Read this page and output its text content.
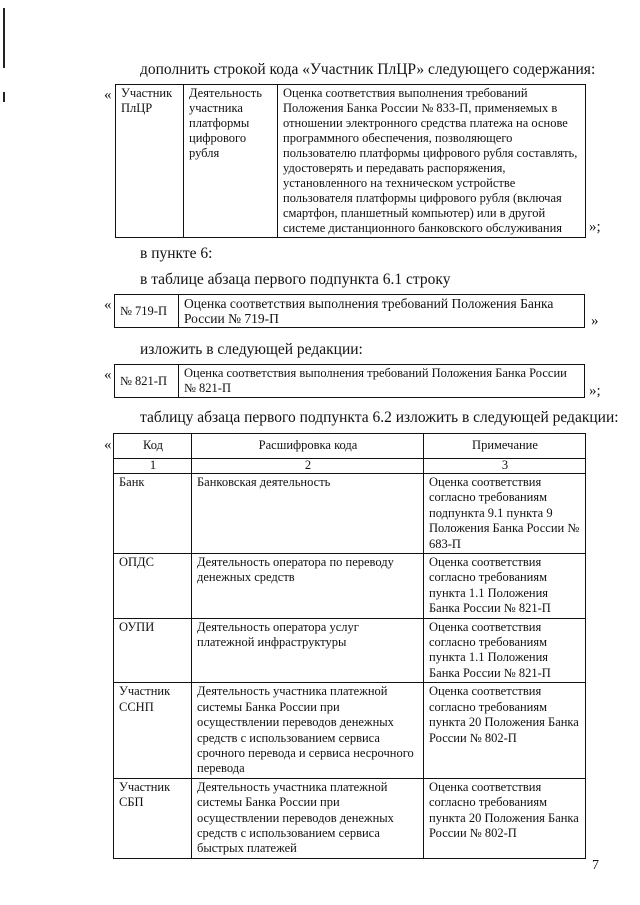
дополнить строкой кода «Участник ПлЦР» следующего содержания:
« Участник ПлЦР	Деятельность участника платформы цифрового рубля	Оценка соответствия выполнения требований Положения Банка России № 833-П, применяемых в отношении электронного средства платежа на основе программного обеспечения, позволяющего пользователю платформы цифрового рубля составлять, удостоверять и передавать распоряжения, установленного на техническом устройстве пользователя платформы цифрового рубля (включая смартфон, планшетный компьютер) или в другой системе дистанционного банковского обслуживания »;
в пункте 6:
в таблице абзаца первого подпункта 6.1 строку
« № 719-П	Оценка соответствия выполнения требований Положения Банка России № 719-П	»
изложить в следующей редакции:
« № 821-П	Оценка соответствия выполнения требований Положения Банка России № 821-П	»;
таблицу абзаца первого подпункта 6.2 изложить в следующей редакции:
«	Код	Расшифровка кода	Примечание
1	2	3
Банк	Банковская деятельность	Оценка соответствия согласно требованиям подпункта 9.1 пункта 9 Положения Банка России № 683-П
ОПДС	Деятельность оператора по переводу денежных средств	Оценка соответствия согласно требованиям пункта 1.1 Положения Банка России № 821-П
ОУПИ	Деятельность оператора услуг платежной инфраструктуры	Оценка соответствия согласно требованиям пункта 1.1 Положения Банка России № 821-П
Участник ССНП	Деятельность участника платежной системы Банка России при осуществлении переводов денежных средств с использованием сервиса срочного перевода и сервиса несрочного перевода	Оценка соответствия согласно требованиям пункта 20 Положения Банка России № 802-П
Участник СБП	Деятельность участника платежной системы Банка России при осуществлении переводов денежных средств с использованием сервиса быстрых платежей	Оценка соответствия согласно требованиям пункта 20 Положения Банка России № 802-П
7
